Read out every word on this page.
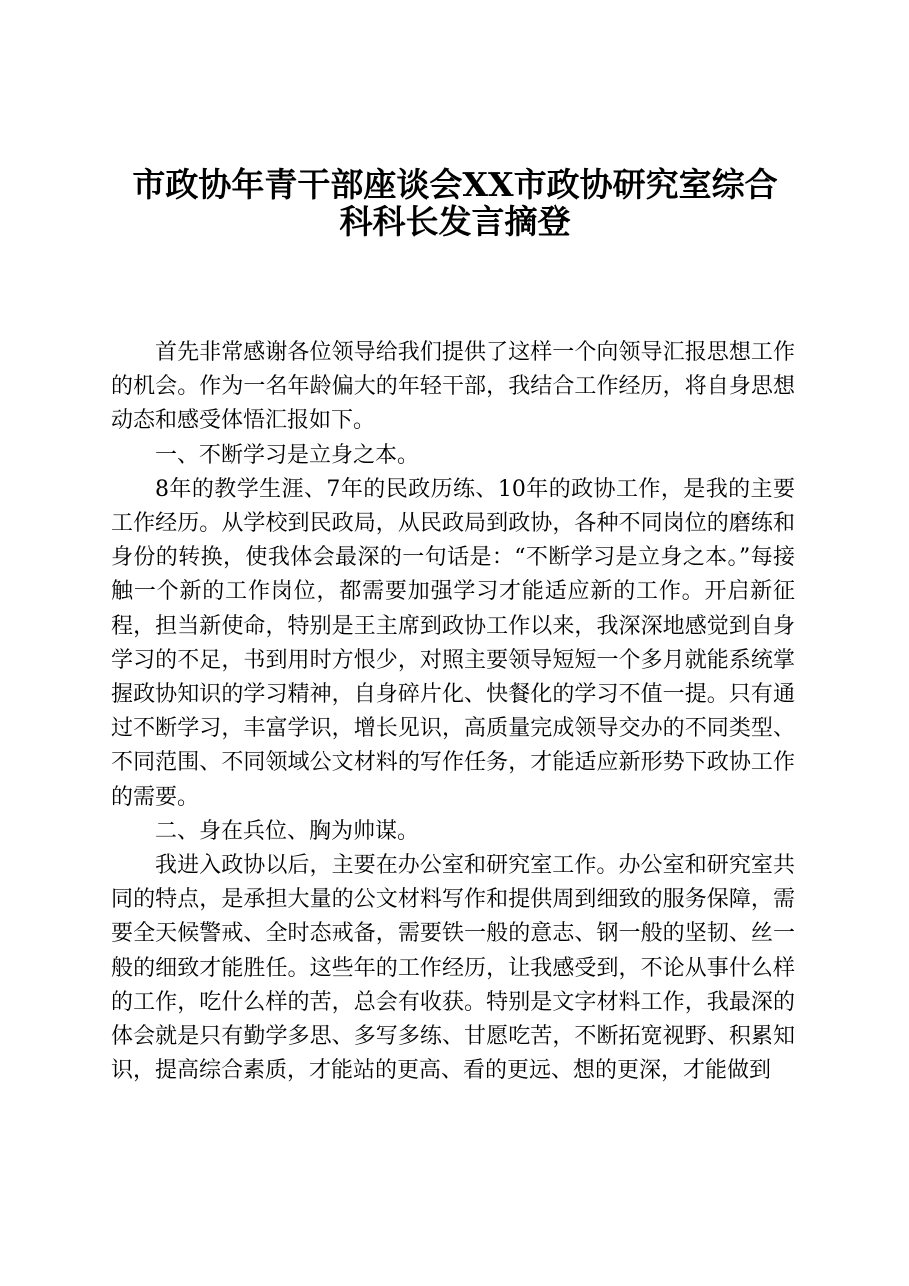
市政协年青干部座谈会XX市政协研究室综合
科科长发言摘登

首先非常感谢各位领导给我们提供了这样一个向领导汇报思想工作的机会。作为一名年龄偏大的年轻干部，我结合工作经历，将自身思想动态和感受体悟汇报如下。

一、不断学习是立身之本。

8年的教学生涯、7年的民政历练、10年的政协工作，是我的主要工作经历。从学校到民政局，从民政局到政协，各种不同岗位的磨练和身份的转换，使我体会最深的一句话是：“不断学习是立身之本。”每接触一个新的工作岗位，都需要加强学习才能适应新的工作。开启新征程，担当新使命，特别是王主席到政协工作以来，我深深地感觉到自身学习的不足，书到用时方恨少，对照主要领导短短一个多月就能系统掌握政协知识的学习精神，自身碎片化、快餐化的学习不值一提。只有通过不断学习，丰富学识，增长见识，高质量完成领导交办的不同类型、不同范围、不同领域公文材料的写作任务，才能适应新形势下政协工作的需要。

二、身在兵位、胸为帅谋。

我进入政协以后，主要在办公室和研究室工作。办公室和研究室共同的特点，是承担大量的公文材料写作和提供周到细致的服务保障，需要全天候警戒、全时态戒备，需要铁一般的意志、钢一般的坚韧、丝一般的细致才能胜任。这些年的工作经历，让我感受到，不论从事什么样的工作，吃什么样的苦，总会有收获。特别是文字材料工作，我最深的体会就是只有勤学多思、多写多练、甘愿吃苦，不断拓宽视野、积累知识，提高综合素质，才能站的更高、看的更远、想的更深，才能做到
